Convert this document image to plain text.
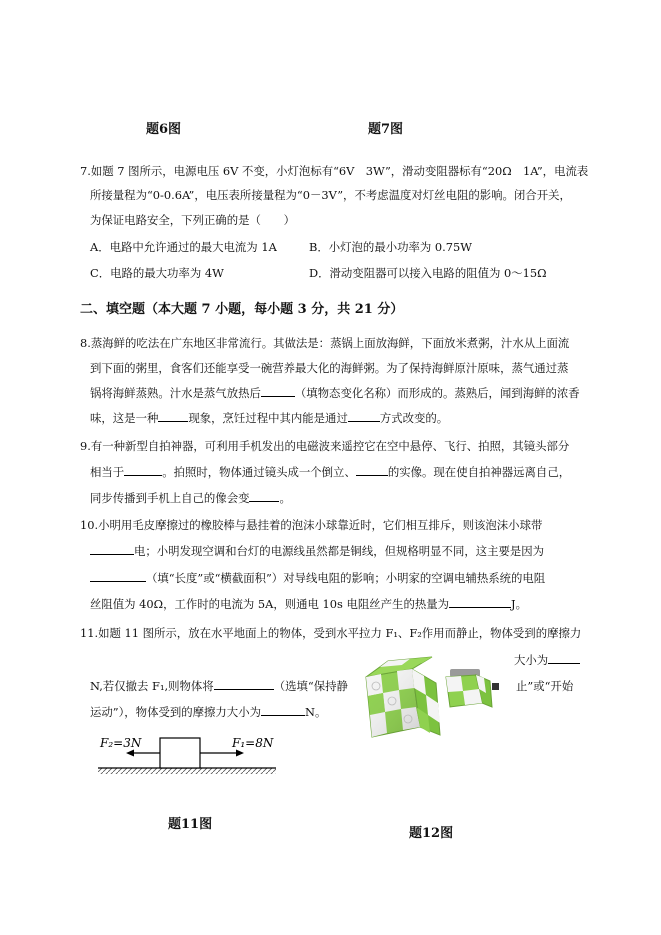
题6图	题7图
7.如题 7 图所示，电源电压 6V 不变，小灯泡标有“6V　3W”，滑动变阻器标有“20Ω　1A”，电流表
所接量程为“0-0.6A”，电压表所接量程为“0－3V”，不考虑温度对灯丝电阻的影响。闭合开关，
为保证电路安全，下列正确的是（　　）
A．电路中允许通过的最大电流为 1A	B．小灯泡的最小功率为 0.75W
C．电路的最大功率为 4W	D．滑动变阻器可以接入电路的阻值为 0～15Ω
二、填空题（本大题 7 小题，每小题 3 分，共 21 分）
8.蒸海鲜的吃法在广东地区非常流行。其做法是：蒸锅上面放海鲜，下面放米煮粥，汁水从上面流
到下面的粥里，食客们还能享受一碗营养最大化的海鲜粥。为了保持海鲜原汁原味，蒸气通过蒸
锅将海鲜蒸熟。汁水是蒸气放热后	（填物态变化名称）而形成的。蒸熟后，闻到海鲜的浓香
味，这是一种	现象，烹饪过程中其内能是通过	方式改变的。
9.有一种新型自拍神器，可利用手机发出的电磁波来遥控它在空中悬停、飞行、拍照，其镜头部分
相当于	。拍照时，物体通过镜头成一个倒立、	的实像。现在使自拍神器远离自己，
同步传播到手机上自己的像会变	。
10.小明用毛皮摩擦过的橡胶棒与悬挂着的泡沫小球靠近时，它们相互排斥，则该泡沫小球带
电；小明发现空调和台灯的电源线虽然都是铜线，但规格明显不同，这主要是因为
（填“长度”或“横截面积”）对导线电阻的影响；小明家的空调电辅热系统的电阻
丝阻值为 40Ω，工作时的电流为 5A，则通电 10s 电阻丝产生的热量为	J。
11.如题 11 图所示，放在水平地面上的物体，受到水平拉力 F₁、F₂作用而静止，物体受到的摩擦力
大小为
N,若仅撤去 F₁,则物体将	（选填“保持静	止”或“开始
运动”），物体受到的摩擦力大小为	N。
F₂=3N	F₁=8N
题11图
题12图
